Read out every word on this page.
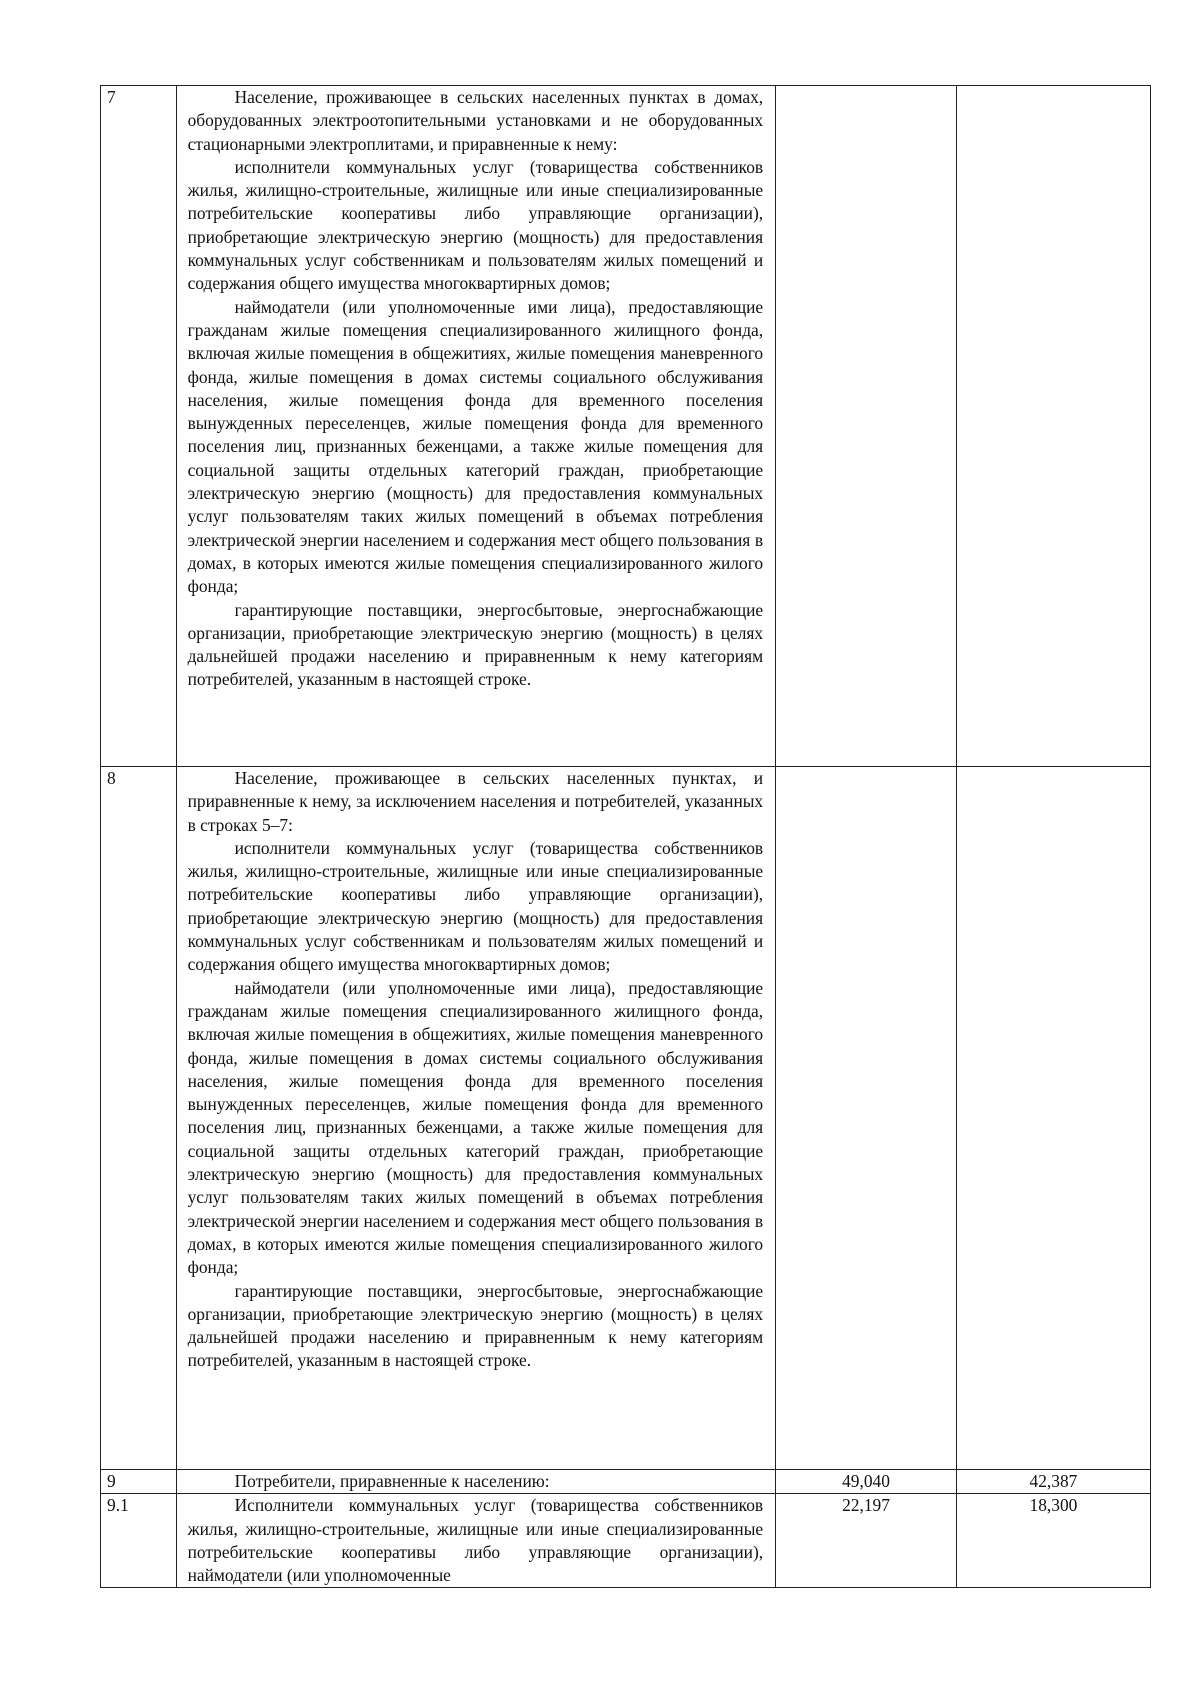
7	Население, проживающее в сельских населенных пунктах в домах, оборудованных электроотопительными установками и не оборудованных стационарными электроплитами, и приравненные к нему:
исполнители коммунальных услуг (товарищества собственников жилья, жилищно-строительные, жилищные или иные специализированные потребительские кооперативы либо управляющие организации), приобретающие электрическую энергию (мощность) для предоставления коммунальных услуг собственникам и пользователям жилых помещений и содержания общего имущества многоквартирных домов;
наймодатели (или уполномоченные ими лица), предоставляющие гражданам жилые помещения специализированного жилищного фонда, включая жилые помещения в общежитиях, жилые помещения маневренного фонда, жилые помещения в домах системы социального обслуживания населения, жилые помещения фонда для временного поселения вынужденных переселенцев, жилые помещения фонда для временного поселения лиц, признанных беженцами, а также жилые помещения для социальной защиты отдельных категорий граждан, приобретающие электрическую энергию (мощность) для предоставления коммунальных услуг пользователям таких жилых помещений в объемах потребления электрической энергии населением и содержания мест общего пользования в домах, в которых имеются жилые помещения специализированного жилого фонда;
гарантирующие поставщики, энергосбытовые, энергоснабжающие организации, приобретающие электрическую энергию (мощность) в целях дальнейшей продажи населению и приравненным к нему категориям потребителей, указанным в настоящей строке.		

8	Население, проживающее в сельских населенных пунктах, и приравненные к нему, за исключением населения и потребителей, указанных в строках 5–7:
исполнители коммунальных услуг (товарищества собственников жилья, жилищно-строительные, жилищные или иные специализированные потребительские кооперативы либо управляющие организации), приобретающие электрическую энергию (мощность) для предоставления коммунальных услуг собственникам и пользователям жилых помещений и содержания общего имущества многоквартирных домов;
наймодатели (или уполномоченные ими лица), предоставляющие гражданам жилые помещения специализированного жилищного фонда, включая жилые помещения в общежитиях, жилые помещения маневренного фонда, жилые помещения в домах системы социального обслуживания населения, жилые помещения фонда для временного поселения вынужденных переселенцев, жилые помещения фонда для временного поселения лиц, признанных беженцами, а также жилые помещения для социальной защиты отдельных категорий граждан, приобретающие электрическую энергию (мощность) для предоставления коммунальных услуг пользователям таких жилых помещений в объемах потребления электрической энергии населением и содержания мест общего пользования в домах, в которых имеются жилые помещения специализированного жилого фонда;
гарантирующие поставщики, энергосбытовые, энергоснабжающие организации, приобретающие электрическую энергию (мощность) в целях дальнейшей продажи населению и приравненным к нему категориям потребителей, указанным в настоящей строке.		

9	Потребители, приравненные к населению:	49,040	42,387
9.1	Исполнители коммунальных услуг (товарищества собственников жилья, жилищно-строительные, жилищные или иные специализированные потребительские кооперативы либо управляющие организации), наймодатели (или уполномоченные	22,197	18,300
